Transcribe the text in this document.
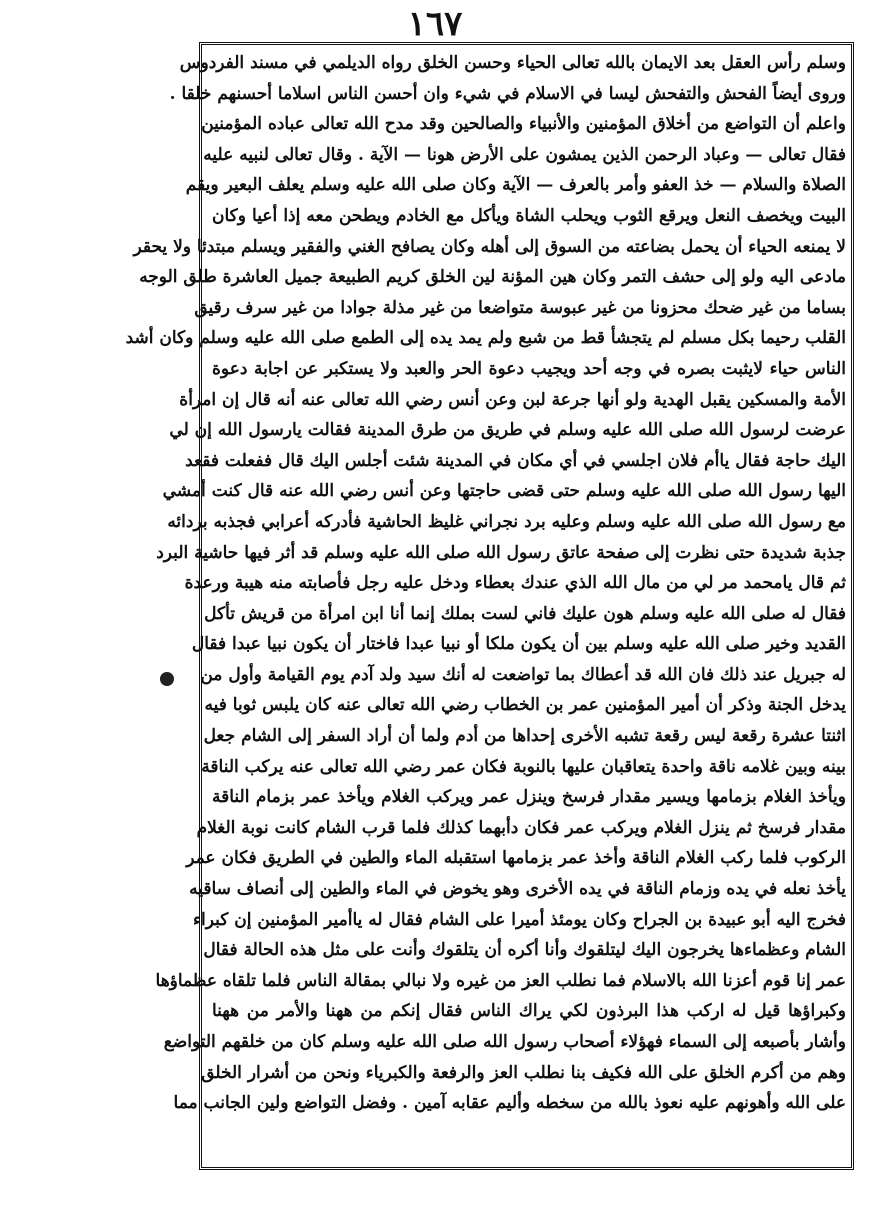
١٦٧
وسلم رأس العقل بعد الايمان بالله تعالى الحياء وحسن الخلق رواه الديلمي في مسند الفردوس
وروى أيضاً الفحش والتفحش ليسا في الاسلام في شيء وان أحسن الناس اسلاما أحسنهم خلقا .
واعلم أن التواضع من أخلاق المؤمنين والأنبياء والصالحين وقد مدح الله تعالى عباده المؤمنين
فقال تعالى — وعباد الرحمن الذين يمشون على الأرض هونا — الآية . وقال تعالى لنبيه عليه
الصلاة والسلام — خذ العفو وأمر بالعرف — الآية وكان صلى الله عليه وسلم يعلف البعير ويقم
البيت ويخصف النعل ويرقع الثوب ويحلب الشاة ويأكل مع الخادم ويطحن معه إذا أعيا وكان
لا يمنعه الحياء أن يحمل بضاعته من السوق إلى أهله وكان يصافح الغني والفقير ويسلم مبتدئا ولا يحقر
مادعى اليه ولو إلى حشف التمر وكان هين المؤنة لين الخلق كريم الطبيعة جميل العاشرة طلق الوجه
بساما من غير ضحك محزونا من غير عبوسة متواضعا من غير مذلة جوادا من غير سرف رقيق
القلب رحيما بكل مسلم لم يتجشأ قط من شبع ولم يمد يده إلى الطمع صلى الله عليه وسلم وكان أشد
الناس حياء لايثبت بصره في وجه أحد ويجيب دعوة الحر والعبد ولا يستكبر عن اجابة دعوة
الأمة والمسكين يقبل الهدية ولو أنها جرعة لبن وعن أنس رضي الله تعالى عنه أنه قال إن امرأة
عرضت لرسول الله صلى الله عليه وسلم في طريق من طرق المدينة فقالت يارسول الله إن لي
اليك حاجة فقال ياأم فلان اجلسي في أي مكان في المدينة شئت أجلس اليك قال ففعلت فقعد
اليها رسول الله صلى الله عليه وسلم حتى قضى حاجتها وعن أنس رضي الله عنه قال كنت أمشي
مع رسول الله صلى الله عليه وسلم وعليه برد نجراني غليظ الحاشية فأدركه أعرابي فجذبه بردائه
جذبة شديدة حتى نظرت إلى صفحة عاتق رسول الله صلى الله عليه وسلم قد أثر فيها حاشية البرد
ثم قال يامحمد مر لي من مال الله الذي عندك بعطاء ودخل عليه رجل فأصابته منه هيبة ورعدة
فقال له صلى الله عليه وسلم هون عليك فاني لست بملك إنما أنا ابن امرأة من قريش تأكل
القديد وخير صلى الله عليه وسلم بين أن يكون ملكا أو نبيا عبدا فاختار أن يكون نبيا عبدا فقال
له جبريل عند ذلك فان الله قد أعطاك بما تواضعت له أنك سيد ولد آدم يوم القيامة وأول من
يدخل الجنة وذكر أن أمير المؤمنين عمر بن الخطاب رضي الله تعالى عنه كان يلبس ثوبا فيه
اثنتا عشرة رقعة ليس رقعة تشبه الأخرى إحداها من أدم ولما أن أراد السفر إلى الشام جعل
بينه وبين غلامه ناقة واحدة يتعاقبان عليها بالنوبة فكان عمر رضي الله تعالى عنه يركب الناقة
ويأخذ الغلام بزمامها ويسير مقدار فرسخ وينزل عمر ويركب الغلام ويأخذ عمر بزمام الناقة
مقدار فرسخ ثم ينزل الغلام ويركب عمر فكان دأبهما كذلك فلما قرب الشام كانت نوبة الغلام
الركوب فلما ركب الغلام الناقة وأخذ عمر بزمامها استقبله الماء والطين في الطريق فكان عمر
يأخذ نعله في يده وزمام الناقة في يده الأخرى وهو يخوض في الماء والطين إلى أنصاف ساقيه
فخرج اليه أبو عبيدة بن الجراح وكان يومئذ أميرا على الشام فقال له ياأمير المؤمنين إن كبراء
الشام وعظماءها يخرجون اليك ليتلقوك وأنا أكره أن يتلقوك وأنت على مثل هذه الحالة فقال
عمر إنا قوم أعزنا الله بالاسلام فما نطلب العز من غيره ولا نبالي بمقالة الناس فلما تلقاه عظماؤها
وكبراؤها قيل له اركب هذا البرذون لكي يراك الناس فقال إنكم من ههنا والأمر من ههنا
وأشار بأصبعه إلى السماء فهؤلاء أصحاب رسول الله صلى الله عليه وسلم كان من خلقهم التواضع
وهم من أكرم الخلق على الله فكيف بنا نطلب العز والرفعة والكبرياء ونحن من أشرار الخلق
على الله وأهونهم عليه نعوذ بالله من سخطه وأليم عقابه آمين . وفضل التواضع ولين الجانب مما
